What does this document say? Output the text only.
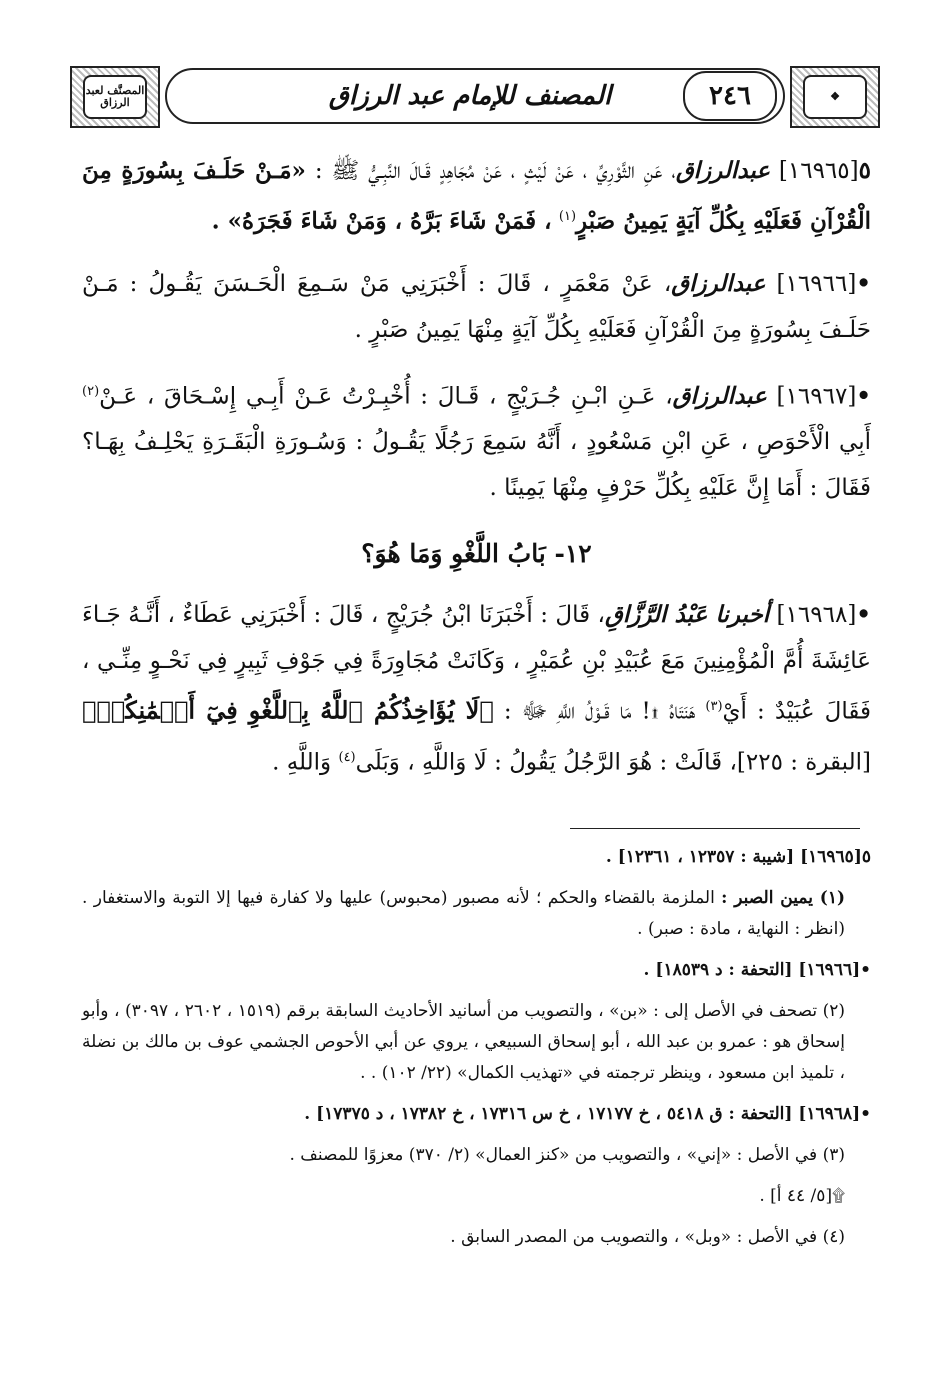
المصنَّف لعبد الرزاق	٢٤٦
المصنف للإمام عبد الرزاق	❖

٥[١٦٩٦٥] عبدالرزاق، عَنِ الثَّوْرِيِّ ، عَنْ لَيْثٍ ، عَنْ مُجَاهِدٍ قَـالَ النَّبِـيُّ ﷺ : «مَـنْ حَلَـفَ بِسُورَةٍ مِنَ الْقُرْآنِ فَعَلَيْهِ بِكُلِّ آيَةٍ يَمِينُ صَبْرٍ$^{(١)}$ ، فَمَنْ شَاءَ بَرَّهُ ، وَمَنْ شَاءَ فَجَرَهُ» .

•[١٦٩٦٦] عبدالرزاق، عَنْ مَعْمَرٍ ، قَالَ : أَخْبَرَنِي مَنْ سَـمِعَ الْحَـسَنَ يَقُـولُ : مَـنْ حَلَـفَ بِسُورَةٍ مِنَ الْقُرْآنِ فَعَلَيْهِ بِكُلِّ آيَةٍ مِنْهَا يَمِينُ صَبْرٍ .

•[١٦٩٦٧] عبدالرزاق، عَـنِ ابْـنِ جُـرَيْجٍ ، قَـالَ : أُخْبِـرْتُ عَـنْ أَبِـي إِسْـحَاقَ ، عَـنْ$^{(٢)}$ أَبِي الْأَحْوَصِ ، عَنِ ابْنِ مَسْعُودٍ ، أَنَّهُ سَمِعَ رَجُلًا يَقُـولُ : وَسُـورَةِ الْبَقَـرَةِ يَحْلِـفُ بِهَـا؟ فَقَالَ : أَمَا إِنَّ عَلَيْهِ بِكُلِّ حَرْفٍ مِنْهَا يَمِينًا .

١٢- بَابُ اللَّغْوِ وَمَا هُوَ؟

•[١٦٩٦٨] أخبرنا عَبْدُ الرَّزَّاقِ، قَالَ : أَخْبَرَنَا ابْنُ جُرَيْجٍ ، قَالَ : أَخْبَرَنِي عَطَاءٌ ، أَنَّـهُ جَـاءَ عَائِشَةَ أُمَّ الْمُؤْمِنِينَ مَعَ عُبَيْدِ بْنِ عُمَيْرٍ ، وَكَانَتْ مُجَاوِرَةً فِي جَوْفِ ثَبِيرٍ فِي نَحْـوٍ مِنِّـي ، فَقَالَ عُبَيْدٌ : أَيْ$^{(٣)}$ هَنَتَاهُ ۩! مَا قَـوْلُ اللَّهِ ﷻ : ﴿لَا يُؤَاخِذُكُمُ ٱللَّهُ بِٱللَّغْوِ فِيٓ أَيۡمَٰنِكُمۡ﴾ [البقرة : ٢٢٥]، قَالَتْ : هُوَ الرَّجُلُ يَقُولُ : لَا وَاللَّهِ ، وَبَلَى$^{(٤)}$ وَاللَّهِ .

٥[١٦٩٦٥] [شيبة : ١٢٣٥٧ ، ١٢٣٦١] .
(١) يمين الصبر : الملزمة بالقضاء والحكم ؛ لأنه مصبور (محبوس) عليها ولا كفارة فيها إلا التوبة والاستغفار . (انظر : النهاية ، مادة : صبر) .
•[١٦٩٦٦] [التحفة : د ١٨٥٣٩] .
(٢) تصحف في الأصل إلى : «بن» ، والتصويب من أسانيد الأحاديث السابقة برقم (١٥١٩ ، ٢٦٠٢ ، ٣٠٩٧) ، وأبو إسحاق هو : عمرو بن عبد الله ، أبو إسحاق السبيعي ، يروي عن أبي الأحوص الجشمي عوف بن مالك بن نضلة ، تلميذ ابن مسعود ، وينظر ترجمته في «تهذيب الكمال» (٢٢/ ١٠٢) . .
•[١٦٩٦٨] [التحفة : ق ٥٤١٨ ، خ ١٧١٧٧ ، خ س ١٧٣١٦ ، خ ١٧٣٨٢ ، د ١٧٣٧٥] .
(٣) في الأصل : «إني» ، والتصويب من «كنز العمال» (٢/ ٣٧٠) معزوًا للمصنف .
۩[٥/ ٤٤ أ] .
(٤) في الأصل : «وبل» ، والتصويب من المصدر السابق .
